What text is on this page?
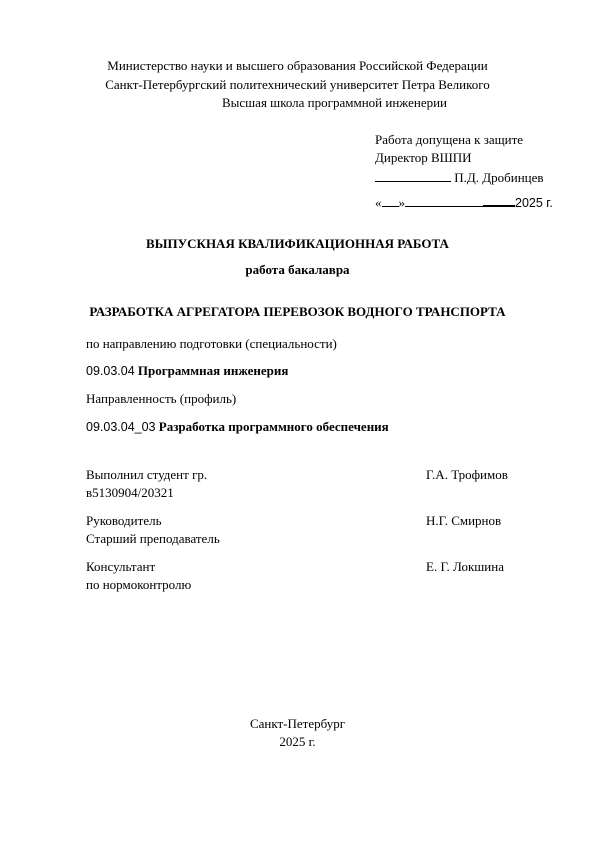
Министерство науки и высшего образования Российской Федерации
Санкт-Петербургский политехнический университет Петра Великого
Высшая школа программной инженерии
Работа допущена к защите
Директор ВШПИ
П.Д. Дробинцев
« »	2025 г.
ВЫПУСКНАЯ КВАЛИФИКАЦИОННАЯ РАБОТА
работа бакалавра
РАЗРАБОТКА АГРЕГАТОРА ПЕРЕВОЗОК ВОДНОГО ТРАНСПОРТА
по направлению подготовки (специальности)
09.03.04 Программная инженерия
Направленность (профиль)
09.03.04_03 Разработка программного обеспечения
Выполнил студент гр.
в5130904/20321
Г.А. Трофимов
Руководитель
Старший преподаватель
Н.Г. Смирнов
Консультант
по нормоконтролю
Е. Г. Локшина
Санкт-Петербург
2025 г.
